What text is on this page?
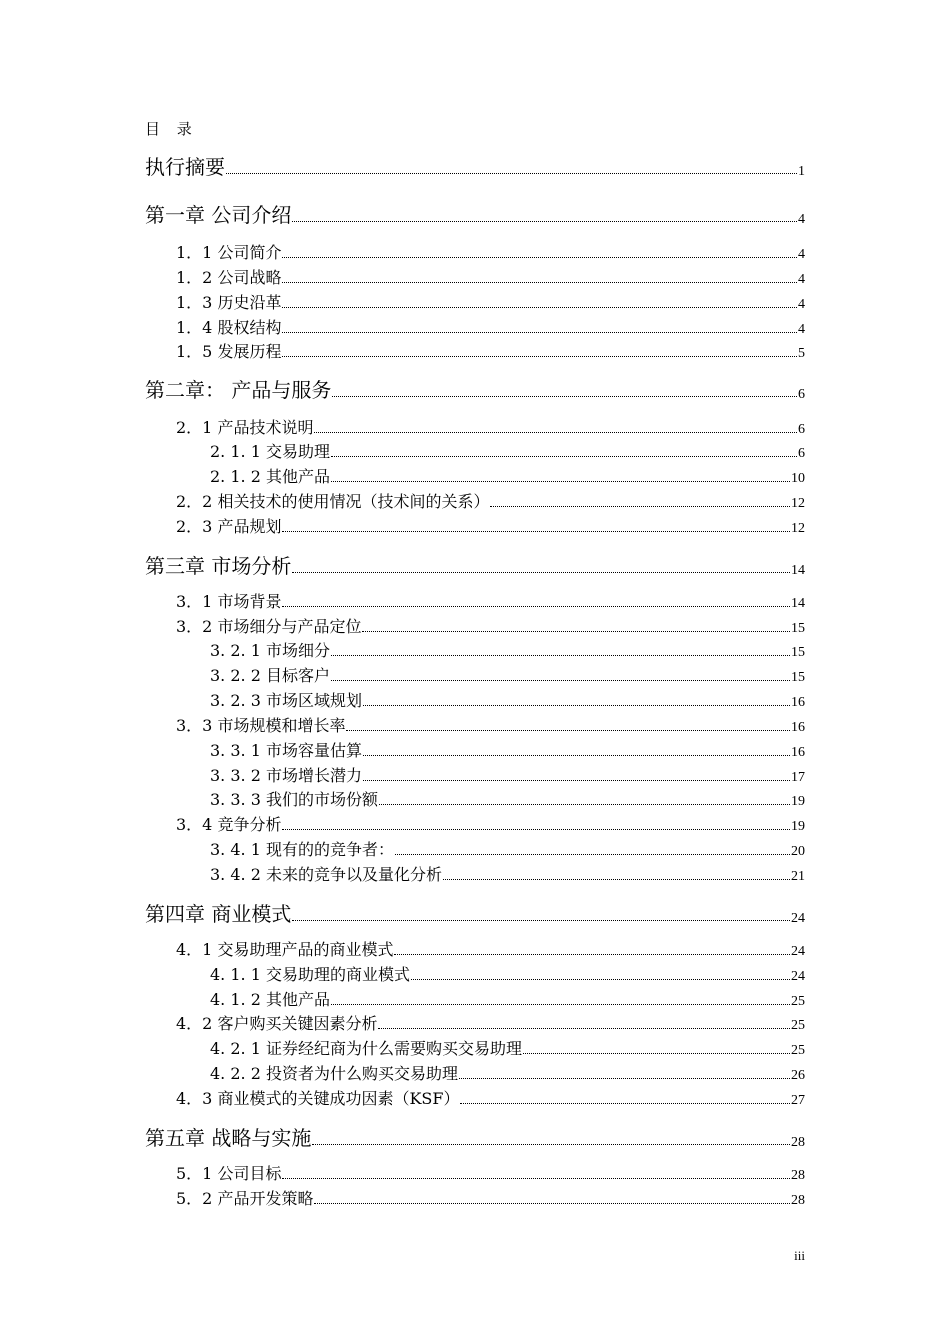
目 录
执行摘要	1
第一章 公司介绍	4
1．1 公司简介	4
1．2 公司战略	4
1．3 历史沿革	4
1．4 股权结构	4
1．5 发展历程	5
第二章： 产品与服务	6
2．1 产品技术说明	6
2. 1. 1 交易助理	6
2. 1. 2 其他产品	10
2．2 相关技术的使用情况（技术间的关系）	12
2．3 产品规划	12
第三章 市场分析	14
3．1 市场背景	14
3．2 市场细分与产品定位	15
3. 2. 1 市场细分	15
3. 2. 2 目标客户	15
3. 2. 3 市场区域规划	16
3．3 市场规模和增长率	16
3. 3. 1 市场容量估算	16
3. 3. 2 市场增长潜力	17
3. 3. 3 我们的市场份额	19
3．4 竞争分析	19
3. 4. 1 现有的的竞争者：	20
3. 4. 2 未来的竞争以及量化分析	21
第四章 商业模式	24
4．1 交易助理产品的商业模式	24
4. 1. 1 交易助理的商业模式	24
4. 1. 2 其他产品	25
4．2 客户购买关键因素分析	25
4. 2. 1 证券经纪商为什么需要购买交易助理	25
4. 2. 2 投资者为什么购买交易助理	26
4．3 商业模式的关键成功因素（KSF）	27
第五章 战略与实施	28
5．1 公司目标	28
5．2 产品开发策略	28
iii
